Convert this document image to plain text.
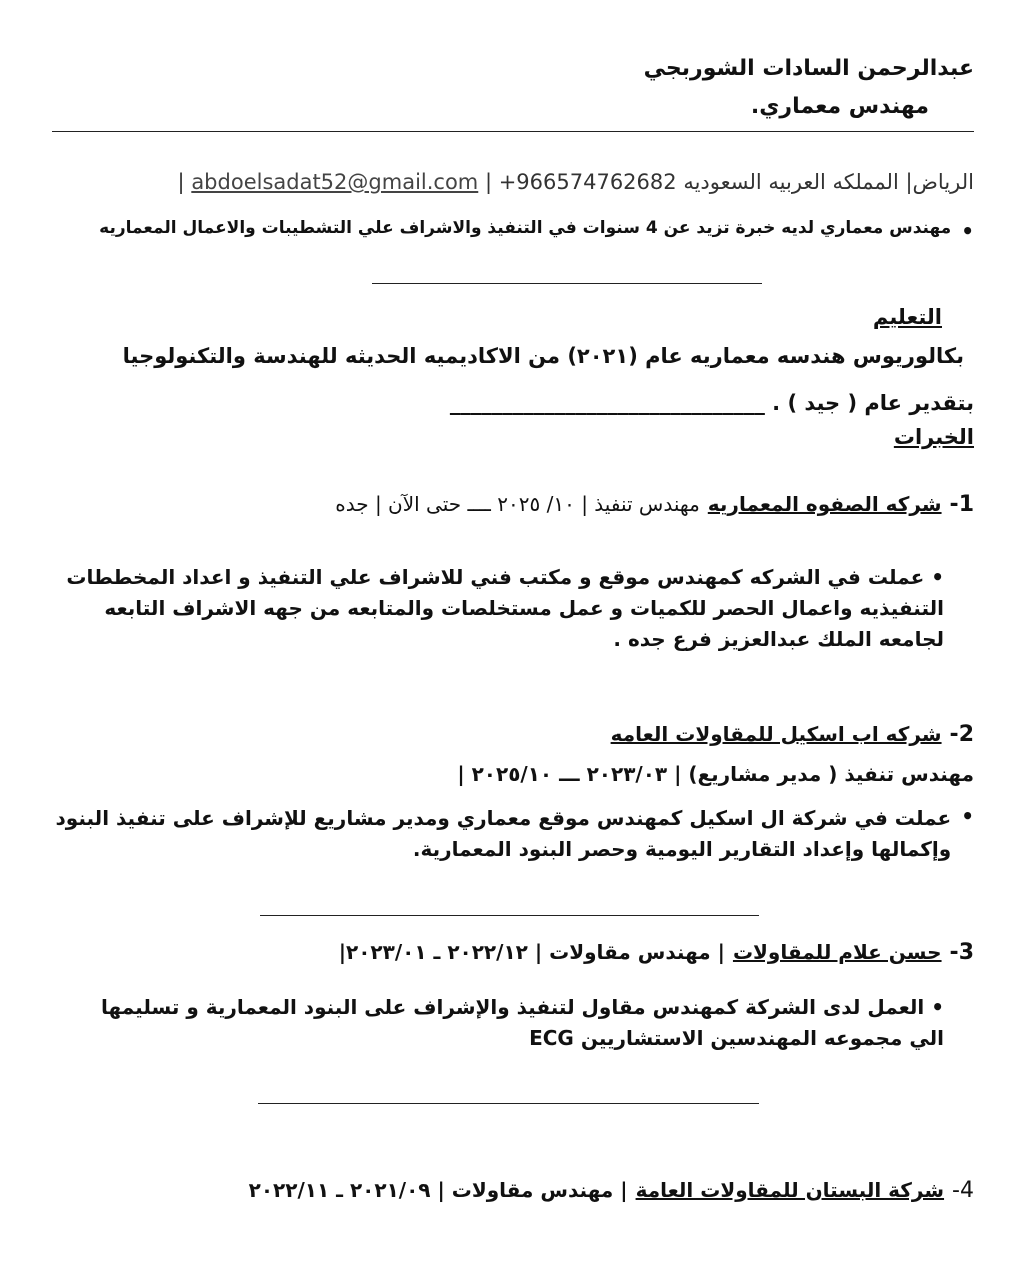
عبدالرحمن السادات الشوربجي
مهندس معماري.
الرياض| المملكه العربيه السعوديه abdoelsadat52@gmail.com | +966574762682 |
•
مهندس معماري لديه خبرة تزيد عن 4 سنوات في التنفيذ والاشراف علي التشطيبات والاعمال المعماريه
التعليم
بكالوريوس هندسه معماريه عام (٢٠٢١) من الاكاديميه الحديثه للهندسة والتكنولوجيا
بتقدير عام ( جيد ) . ______________________________
الخبرات
1-
شركه الصفوه المعماريه
مهندس تنفيذ | ١٠/ ٢٠٢٥ ــــ حتى الآن | جده
• عملت في الشركه كمهندس موقع و مكتب فني للاشراف علي التنفيذ و اعداد المخططات التنفيذيه واعمال الحصر للكميات و عمل مستخلصات والمتابعه من جهه الاشراف التابعه لجامعه الملك عبدالعزيز فرع جده .
2-
شركه اب اسكيل للمقاولات العامه
مهندس تنفيذ ( مدير مشاريع) | ٢٠٢٣/٠٣ ـــ ٢٠٢٥/١٠ |
•
عملت في شركة ال اسكيل كمهندس موقع معماري ومدير مشاريع للإشراف على تنفيذ البنود وإكمالها وإعداد التقارير اليومية وحصر البنود المعمارية.
3-
حسن علام للمقاولات
| مهندس مقاولات | ٢٠٢٢/١٢ ـ ٢٠٢٣/٠١|
• العمل لدى الشركة كمهندس مقاول لتنفيذ والإشراف على البنود المعمارية و تسليمها الي مجموعه المهندسين الاستشاريين ECG
4-
شركة البستان للمقاولات العامة
| مهندس مقاولات | ٢٠٢١/٠٩ ـ ٢٠٢٢/١١
